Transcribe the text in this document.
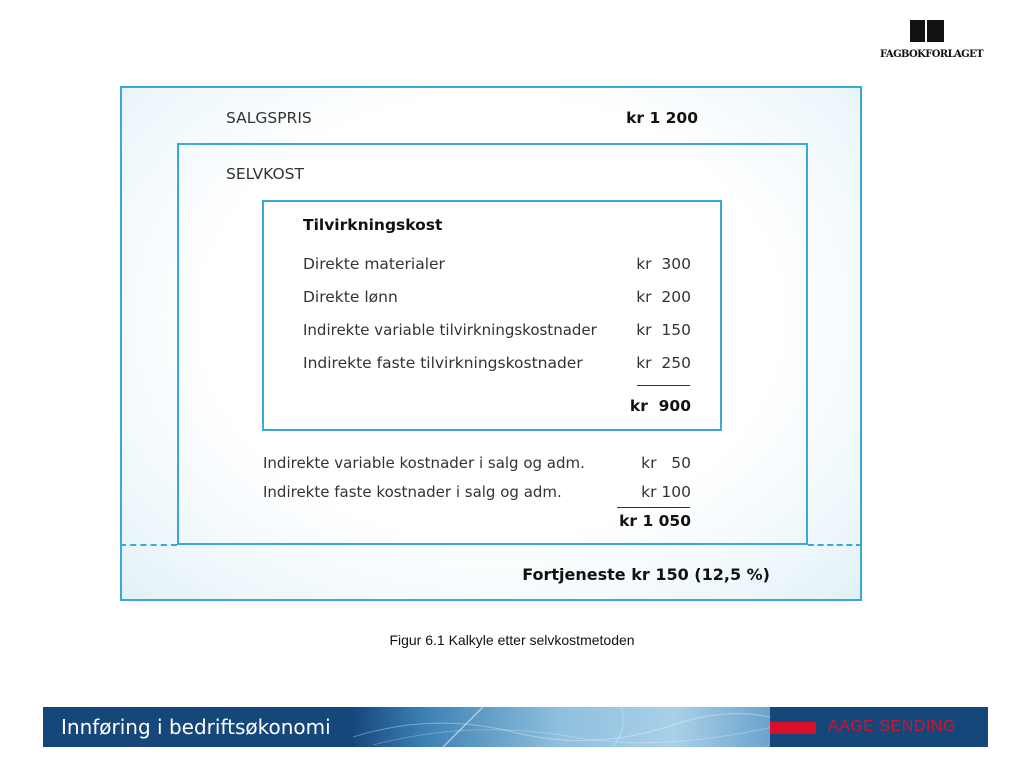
FAGBOKFORLAGET
SALGSPRIS	kr 1 200
SELVKOST
Tilvirkningskost
Direkte materialer	kr  300
Direkte lønn	kr  200
Indirekte variable tilvirkningskostnader	kr  150
Indirekte faste tilvirkningskostnader	kr  250
kr  900
Indirekte variable kostnader i salg og adm.	kr   50
Indirekte faste kostnader i salg og adm.	kr 100
kr 1 050
Fortjeneste kr 150 (12,5 %)
Figur 6.1 Kalkyle etter selvkostmetoden
Innføring i bedriftsøkonomi	AAGE SENDING
